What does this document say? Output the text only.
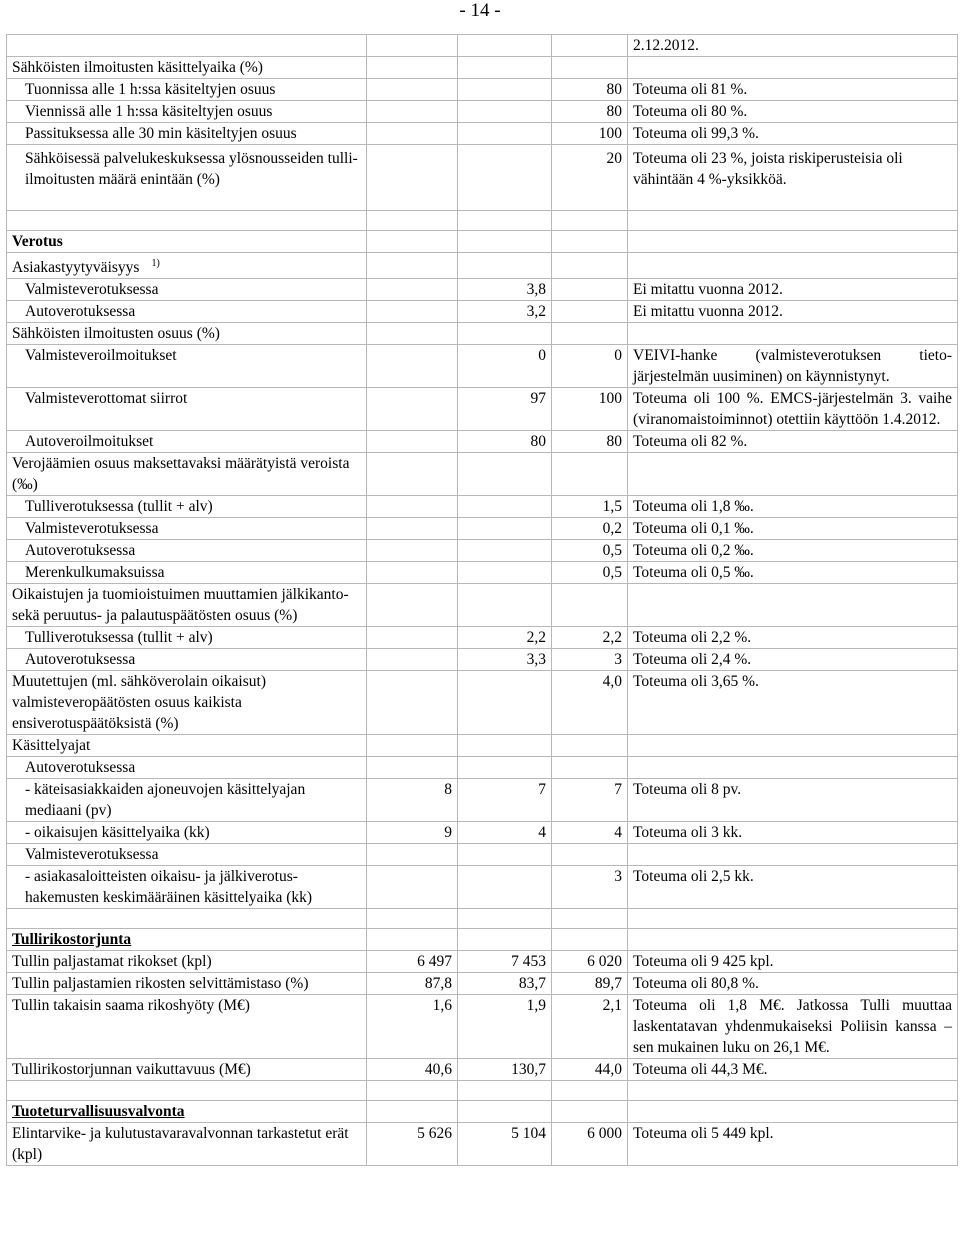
- 14 -
				2.12.2012.
Sähköisten ilmoitusten käsittelyaika (%)				
Tuonnissa alle 1 h:ssa käsiteltyjen osuus			80	Toteuma oli 81 %.
Viennissä alle 1 h:ssa käsiteltyjen osuus			80	Toteuma oli 80 %.
Passituksessa alle 30 min käsiteltyjen osuus			100	Toteuma oli 99,3 %.
Sähköisessä palvelukeskuksessa ylösnousseiden tulli-ilmoitusten määrä enintään (%)			20	Toteuma oli 23 %, joista riskiperusteisia oli vähintään 4 %-yksikköä.

Verotus				
Asiakastyytyväisyys $^{1)}$				
Valmisteverotuksessa		3,8		Ei mitattu vuonna 2012.
Autoverotuksessa		3,2		Ei mitattu vuonna 2012.
Sähköisten ilmoitusten osuus (%)				
Valmisteveroilmoitukset		0	0	VEIVI-hanke (valmisteverotuksen tietojärjestelmän uusiminen) on käynnistynyt.
Valmisteverottomat siirrot		97	100	Toteuma oli 100 %. EMCS-järjestelmän 3. vaihe (viranomaistoiminnot) otettiin käyttöön 1.4.2012.
Autoveroilmoitukset		80	80	Toteuma oli 82 %.
Verojäämien osuus maksettavaksi määrätyistä veroista (‰)				
Tulliverotuksessa (tullit + alv)			1,5	Toteuma oli 1,8 ‰.
Valmisteverotuksessa			0,2	Toteuma oli 0,1 ‰.
Autoverotuksessa			0,5	Toteuma oli 0,2 ‰.
Merenkulkumaksuissa			0,5	Toteuma oli 0,5 ‰.
Oikaistujen ja tuomioistuimen muuttamien jälkikanto- sekä peruutus- ja palautuspäätösten osuus (%)				
Tulliverotuksessa (tullit + alv)		2,2	2,2	Toteuma oli 2,2 %.
Autoverotuksessa		3,3	3	Toteuma oli 2,4 %.
Muutettujen (ml. sähköverolain oikaisut) valmisteveropäätösten osuus kaikista ensiverotuspäätöksistä (%)			4,0	Toteuma oli 3,65 %.
Käsittelyajat				
Autoverotuksessa				
- käteisasiakkaiden ajoneuvojen käsittelyajan mediaani (pv)	8	7	7	Toteuma oli 8 pv.
- oikaisujen käsittelyaika (kk)	9	4	4	Toteuma oli 3 kk.
Valmisteverotuksessa				
- asiakasaloitteisten oikaisu- ja jälkiverotus-hakemusten keskimääräinen käsittelyaika (kk)			3	Toteuma oli 2,5 kk.

Tullirikostorjunta				
Tullin paljastamat rikokset (kpl)	6 497	7 453	6 020	Toteuma oli 9 425 kpl.
Tullin paljastamien rikosten selvittämistaso (%)	87,8	83,7	89,7	Toteuma oli 80,8 %.
Tullin takaisin saama rikoshyöty (M€)	1,6	1,9	2,1	Toteuma oli 1,8 M€. Jatkossa Tulli muuttaa laskentatavan yhdenmukaiseksi Poliisin kanssa – sen mukainen luku on 26,1 M€.
Tullirikostorjunnan vaikuttavuus (M€)	40,6	130,7	44,0	Toteuma oli 44,3 M€.

Tuoteturvallisuusvalvonta				
Elintarvike- ja kulutustavaravalvonnan tarkastetut erät (kpl)	5 626	5 104	6 000	Toteuma oli 5 449 kpl.
